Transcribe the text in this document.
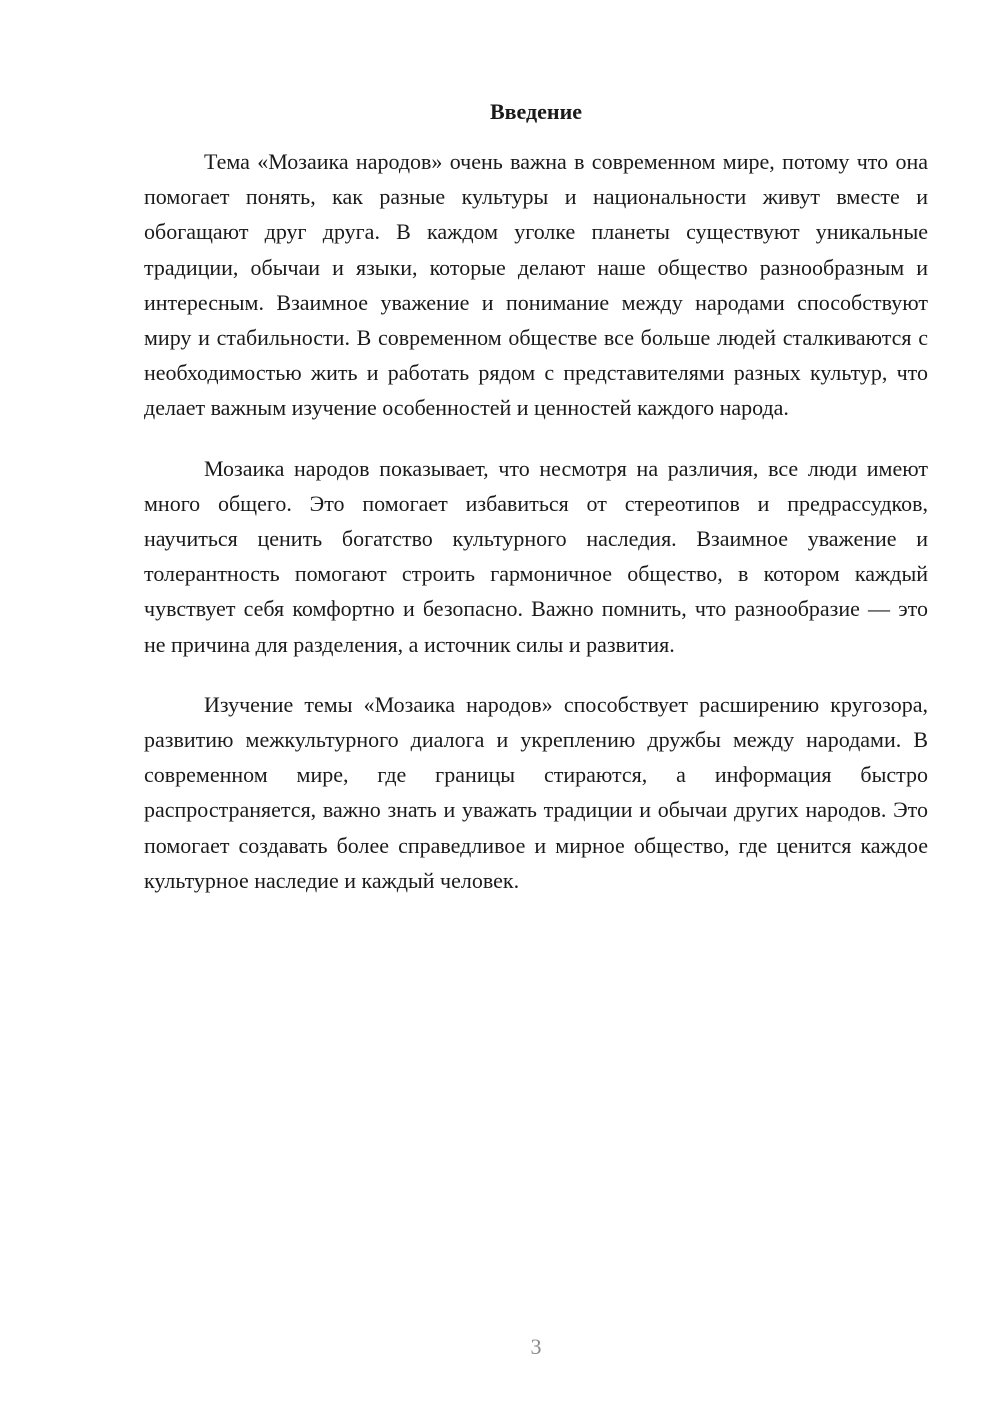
Введение

Тема «Мозаика народов» очень важна в современном мире, потому что она помогает понять, как разные культуры и национальности живут вместе и обогащают друг друга. В каждом уголке планеты существуют уникальные традиции, обычаи и языки, которые делают наше общество разнообразным и интересным. Взаимное уважение и понимание между народами способствуют миру и стабильности. В современном обществе все больше людей сталкиваются с необходимостью жить и работать рядом с представителями разных культур, что делает важным изучение особенностей и ценностей каждого народа.

Мозаика народов показывает, что несмотря на различия, все люди имеют много общего. Это помогает избавиться от стереотипов и предрассудков, научиться ценить богатство культурного наследия. Взаимное уважение и толерантность помогают строить гармоничное общество, в котором каждый чувствует себя комфортно и безопасно. Важно помнить, что разнообразие — это не причина для разделения, а источник силы и развития.

Изучение темы «Мозаика народов» способствует расширению кругозора, развитию межкультурного диалога и укреплению дружбы между народами. В современном мире, где границы стираются, а информация быстро распространяется, важно знать и уважать традиции и обычаи других народов. Это помогает создавать более справедливое и мирное общество, где ценится каждое культурное наследие и каждый человек.

3
